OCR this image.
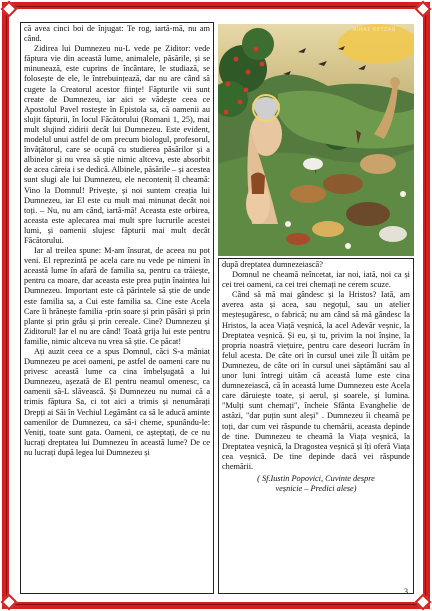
că avea cinci boi de înjugat: Te rog, iartă-mă, nu am când.

Zidirea lui Dumnezeu nu-L vede pe Ziditor: vede făptura vie din această lume, animalele, păsările, și se minunează, este cuprins de încântare, le studiază, se folosește de ele, le întrebuințează, dar nu are când să cugete la Creatorul acestor ființe! Făpturile vii sunt create de Dumnezeu, iar aici se vădește ceea ce Apostolul Pavel rostește în Epistola sa, că oamenii au slujit făpturii, în locul Făcătorului (Romani 1, 25), mai mult slujind zidirii decât lui Dumnezeu. Este evident, modelul unui astfel de om precum biologul, profesorul, învățătorul, care se ocupă cu studierea păsărilor și a albinelor și nu vrea să știe nimic altceva, este absorbit de acea căreia i se dedică. Albinele, păsările – și acestea sunt slugi ale lui Dumnezeu, ele neconteniț îl cheamă: Vino la Domnul! Privește, și noi suntem creația lui Dumnezeu, iar El este cu mult mai minunat decât noi toți. – Nu, nu am când, iartă-mă! Aceasta este orbirea, aceasta este aplecarea mai mult spre lucrurile acestei lumi, și oamenii slujesc făpturii mai mult decât Făcătorului.

Iar al treilea spune: M-am însurat, de aceea nu pot veni. El reprezintă pe acela care nu vede pe nimeni în această lume în afară de familia sa, pentru ca trăiește, pentru ca moare, dar aceasta este prea puțin înaintea lui Dumnezeu. Important este că părintele să știe de unde este familia sa, a Cui este familia sa. Cine este Acela Care îi hrănește familia -prin soare și prin păsări și prin plante și prin grâu și prin cereale. Cine? Dumnezeu și Ziditorul! Iar el nu are când! Toată grija lui este pentru familie, nimic altceva nu vrea să știe. Ce păcat!

Ați auzit ceea ce a spus Domnul, căci S-a mâniat Dumnezeu pe acei oameni, pe astfel de oameni care nu privesc această lume ca cina îmbelșugată a lui Dumnezeu, așezată de El pentru neamul omenesc, ca oamenii să-L slăvească. Și Dumnezeu nu numai că a trimis făptura Sa, ci tot aici a trimis și nenumărați Drepți ai Săi în Vechiul Legământ ca să le aducă aminte oamenilor de Dumnezeu, ca să-i cheme, spunându-le: Veniți, toate sunt gata. Oameni, ce așteptați, de ce nu lucrați dreptatea lui Dumnezeu în această lume? De ce nu lucrați după legea lui Dumnezeu și

ΜΙΝΑΣ ΚΕΤΖΑΝ

după dreptatea dumnezeiască?

Domnul ne cheamă neîncetat, iar noi, iată, noi ca și cei trei oameni, ca cei trei chemați ne cerem scuze.

Când să mă mai gândesc și la Hristos? Iată, am averea asta și acea, sau negoțul, sau un atelier meșteșugăresc, o fabrică; nu am când să mă gândesc la Hristos, la acea Viață veșnică, la acel Adevăr veșnic, la Dreptatea veșnică. Și eu, și tu, privim la noi înșine, la propria noastră viețuire, pentru care deseori lucrăm în felul acesta. De câte ori în cursul unei zile Îl uităm pe Dumnezeu, de câte ori în cursul unei săptămâni sau al unor luni întregi uităm că această lume este cina dumnezeiască, că în această lume Dumnezeu este Acela care dăruiește toate, și aerul, și soarele, și lumina. "Mulți sunt chemați", încheie Sfânta Evanghelie de astăzi, "dar puțin sunt aleși" . Dumnezeu îi cheamă pe toți, dar cum vei răspunde tu chemării, aceasta depinde de tine. Dumnezeu te cheamă la Viața veșnică, la Dreptatea veșnică, la Dragostea veșnică și îți oferă Viața cea veșnică. De tine depinde dacă vei răspunde chemării.

( Sf.Iustin Popovici, Cuvinte despre
veșnicie – Predici alese)
3
